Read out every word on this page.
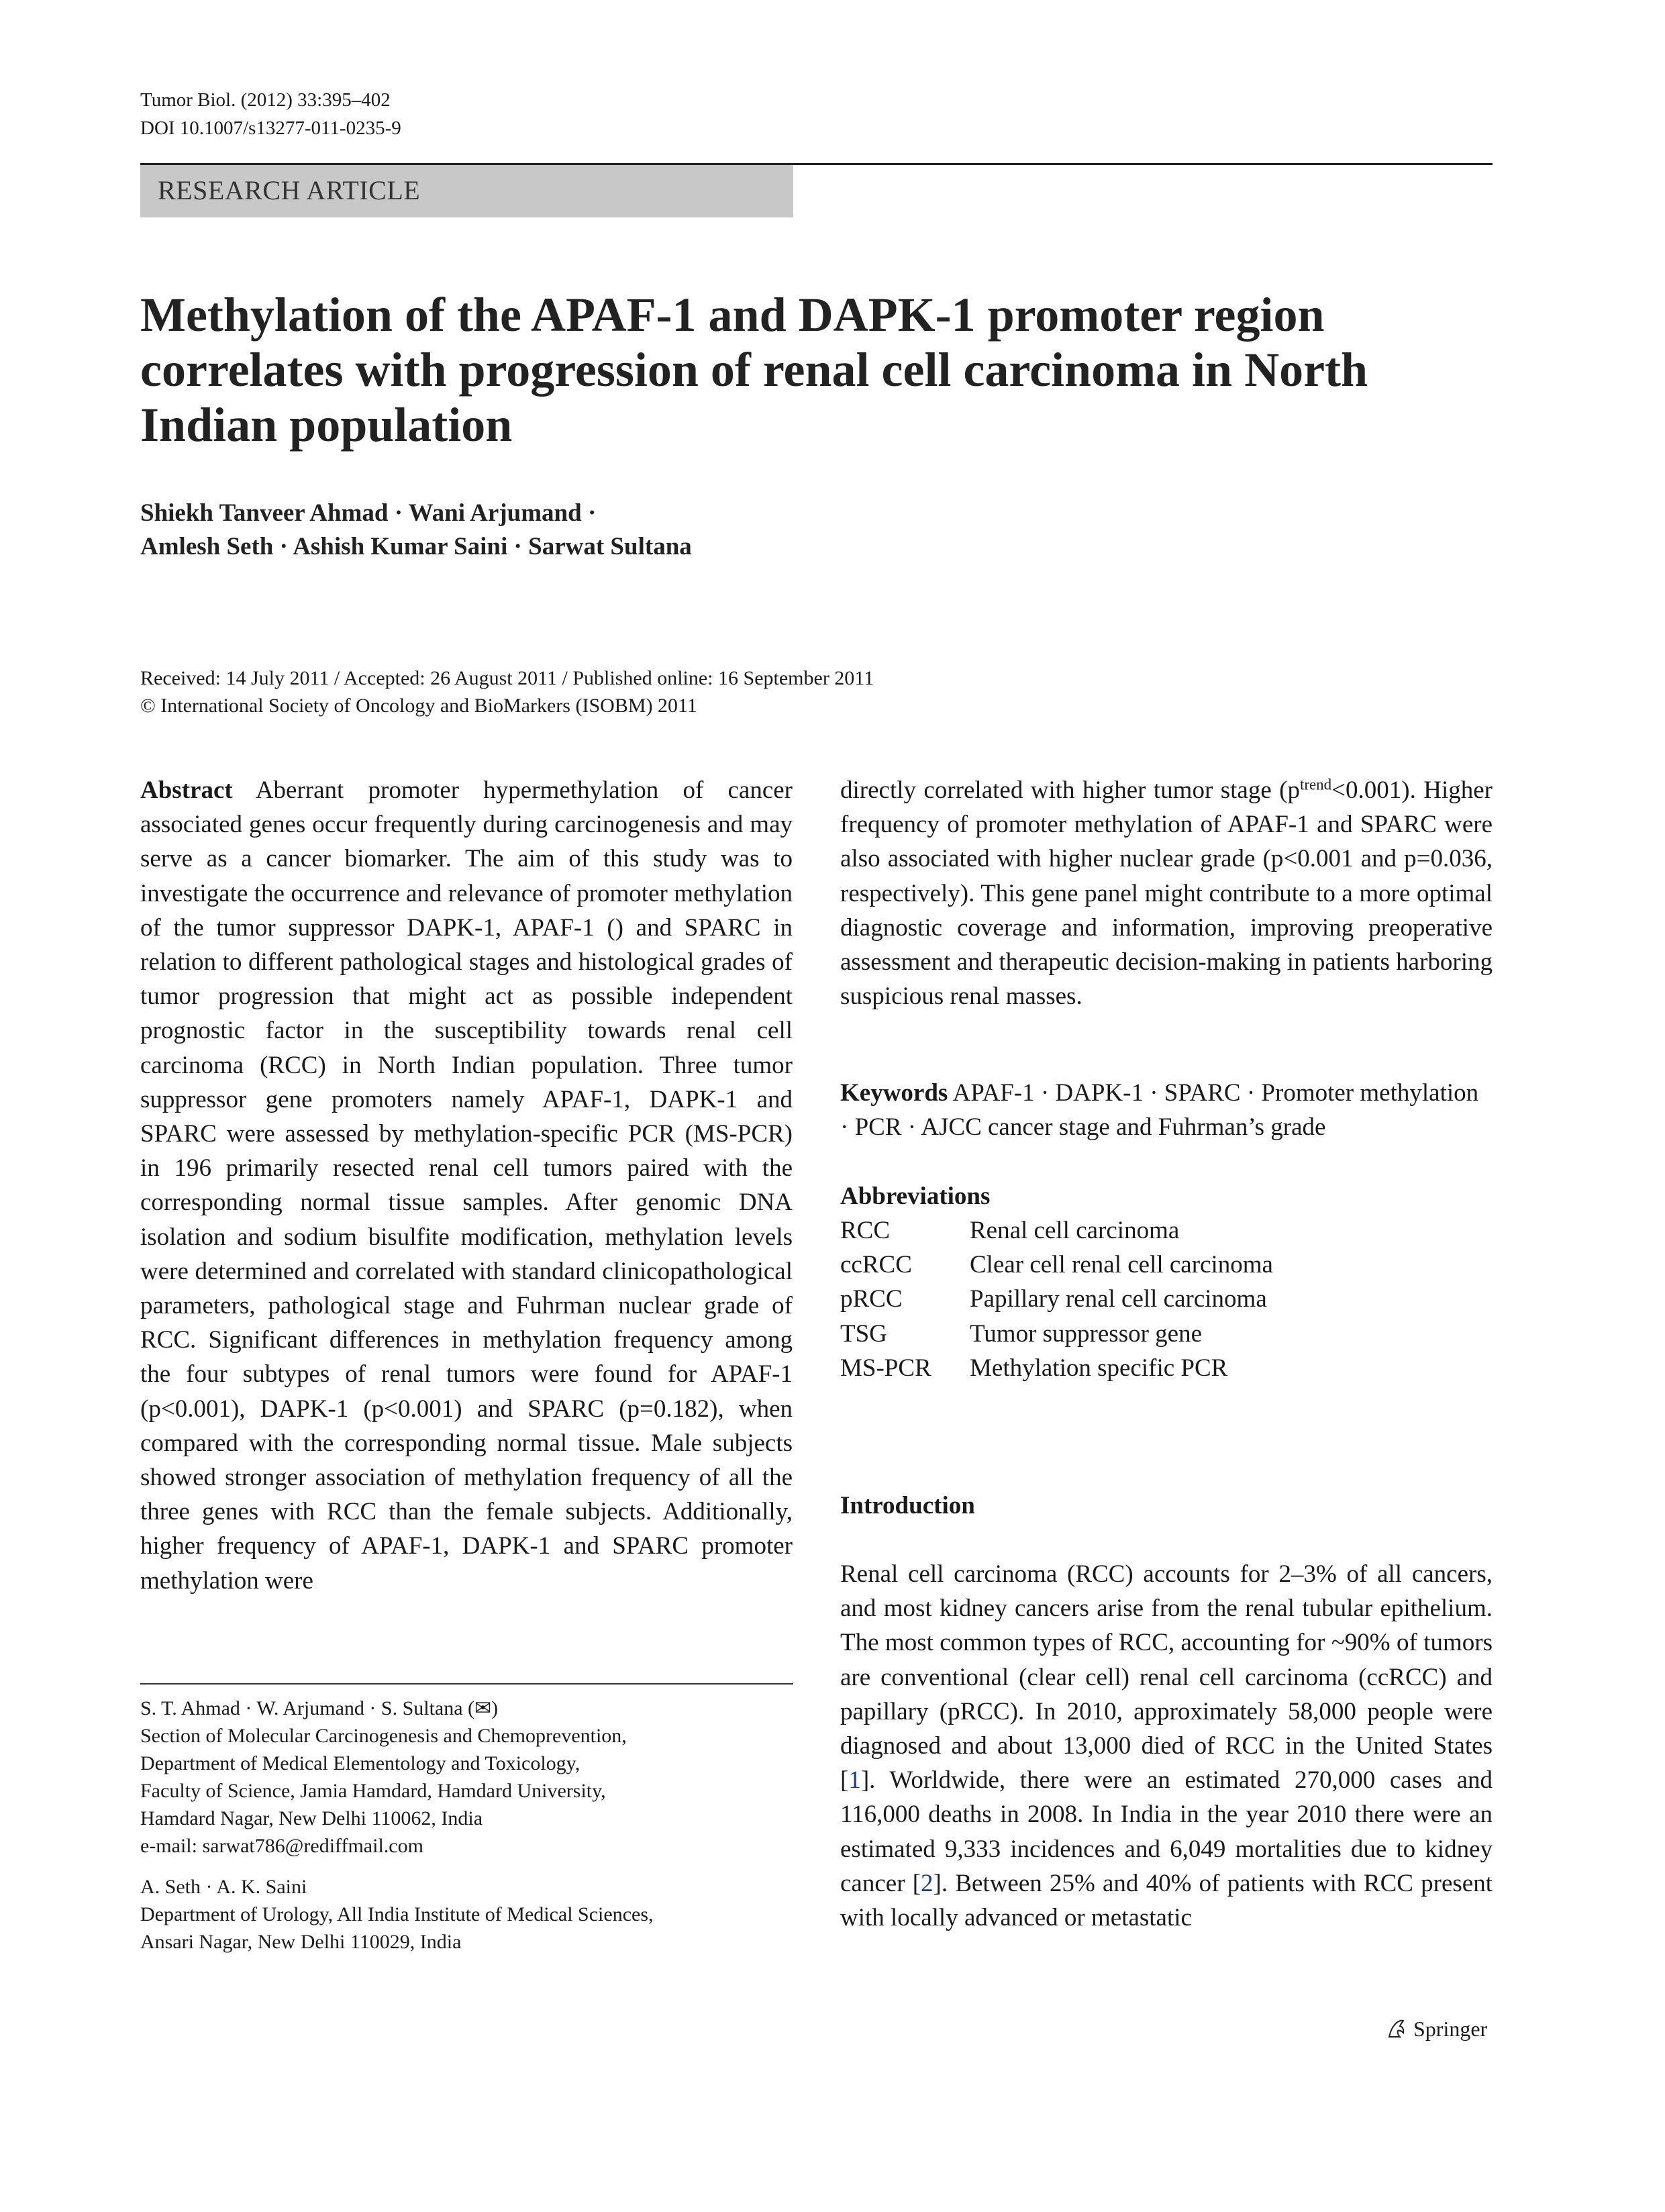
Tumor Biol. (2012) 33:395–402
DOI 10.1007/s13277-011-0235-9
RESEARCH ARTICLE
Methylation of the APAF-1 and DAPK-1 promoter region
correlates with progression of renal cell carcinoma in North
Indian population
Shiekh Tanveer Ahmad · Wani Arjumand ·
Amlesh Seth · Ashish Kumar Saini · Sarwat Sultana
Received: 14 July 2011 / Accepted: 26 August 2011 / Published online: 16 September 2011
© International Society of Oncology and BioMarkers (ISOBM) 2011
Abstract Aberrant promoter hypermethylation of cancer associated genes occur frequently during carcinogenesis and may serve as a cancer biomarker. The aim of this study was to investigate the occurrence and relevance of promoter methylation of the tumor suppressor DAPK-1, APAF-1 () and SPARC in relation to different pathological stages and histological grades of tumor progression that might act as possible independent prognostic factor in the susceptibility towards renal cell carcinoma (RCC) in North Indian population. Three tumor suppressor gene promoters namely APAF-1, DAPK-1 and SPARC were assessed by methylation-specific PCR (MS-PCR) in 196 primarily resected renal cell tumors paired with the corresponding normal tissue samples. After genomic DNA isolation and sodium bisulfite modification, methylation levels were determined and correlated with standard clinicopathological parameters, pathological stage and Fuhrman nuclear grade of RCC. Significant differences in methylation frequency among the four subtypes of renal tumors were found for APAF-1 (p<0.001), DAPK-1 (p<0.001) and SPARC (p=0.182), when compared with the corresponding normal tissue. Male subjects showed stronger association of methylation frequency of all the three genes with RCC than the female subjects. Additionally, higher frequency of APAF-1, DAPK-1 and SPARC promoter methylation were
directly correlated with higher tumor stage $(p^{trend}<0.001)$. Higher frequency of promoter methylation of APAF-1 and SPARC were also associated with higher nuclear grade (p<0.001 and p=0.036, respectively). This gene panel might contribute to a more optimal diagnostic coverage and information, improving preoperative assessment and therapeutic decision-making in patients harboring suspicious renal masses.
Keywords APAF-1 · DAPK-1 · SPARC · Promoter methylation · PCR · AJCC cancer stage and Fuhrman’s grade
Abbreviations
RCC	Renal cell carcinoma
ccRCC	Clear cell renal cell carcinoma
pRCC	Papillary renal cell carcinoma
TSG	Tumor suppressor gene
MS-PCR	Methylation specific PCR
Introduction
Renal cell carcinoma (RCC) accounts for 2–3% of all cancers, and most kidney cancers arise from the renal tubular epithelium. The most common types of RCC, accounting for ~90% of tumors are conventional (clear cell) renal cell carcinoma (ccRCC) and papillary (pRCC). In 2010, approximately 58,000 people were diagnosed and about 13,000 died of RCC in the United States [1]. Worldwide, there were an estimated 270,000 cases and 116,000 deaths in 2008. In India in the year 2010 there were an estimated 9,333 incidences and 6,049 mortalities due to kidney cancer [2]. Between 25% and 40% of patients with RCC present with locally advanced or metastatic
S. T. Ahmad · W. Arjumand · S. Sultana (✉)
Section of Molecular Carcinogenesis and Chemoprevention,
Department of Medical Elementology and Toxicology,
Faculty of Science, Jamia Hamdard, Hamdard University,
Hamdard Nagar, New Delhi 110062, India
e-mail: sarwat786@rediffmail.com
A. Seth · A. K. Saini
Department of Urology, All India Institute of Medical Sciences,
Ansari Nagar, New Delhi 110029, India
Springer
